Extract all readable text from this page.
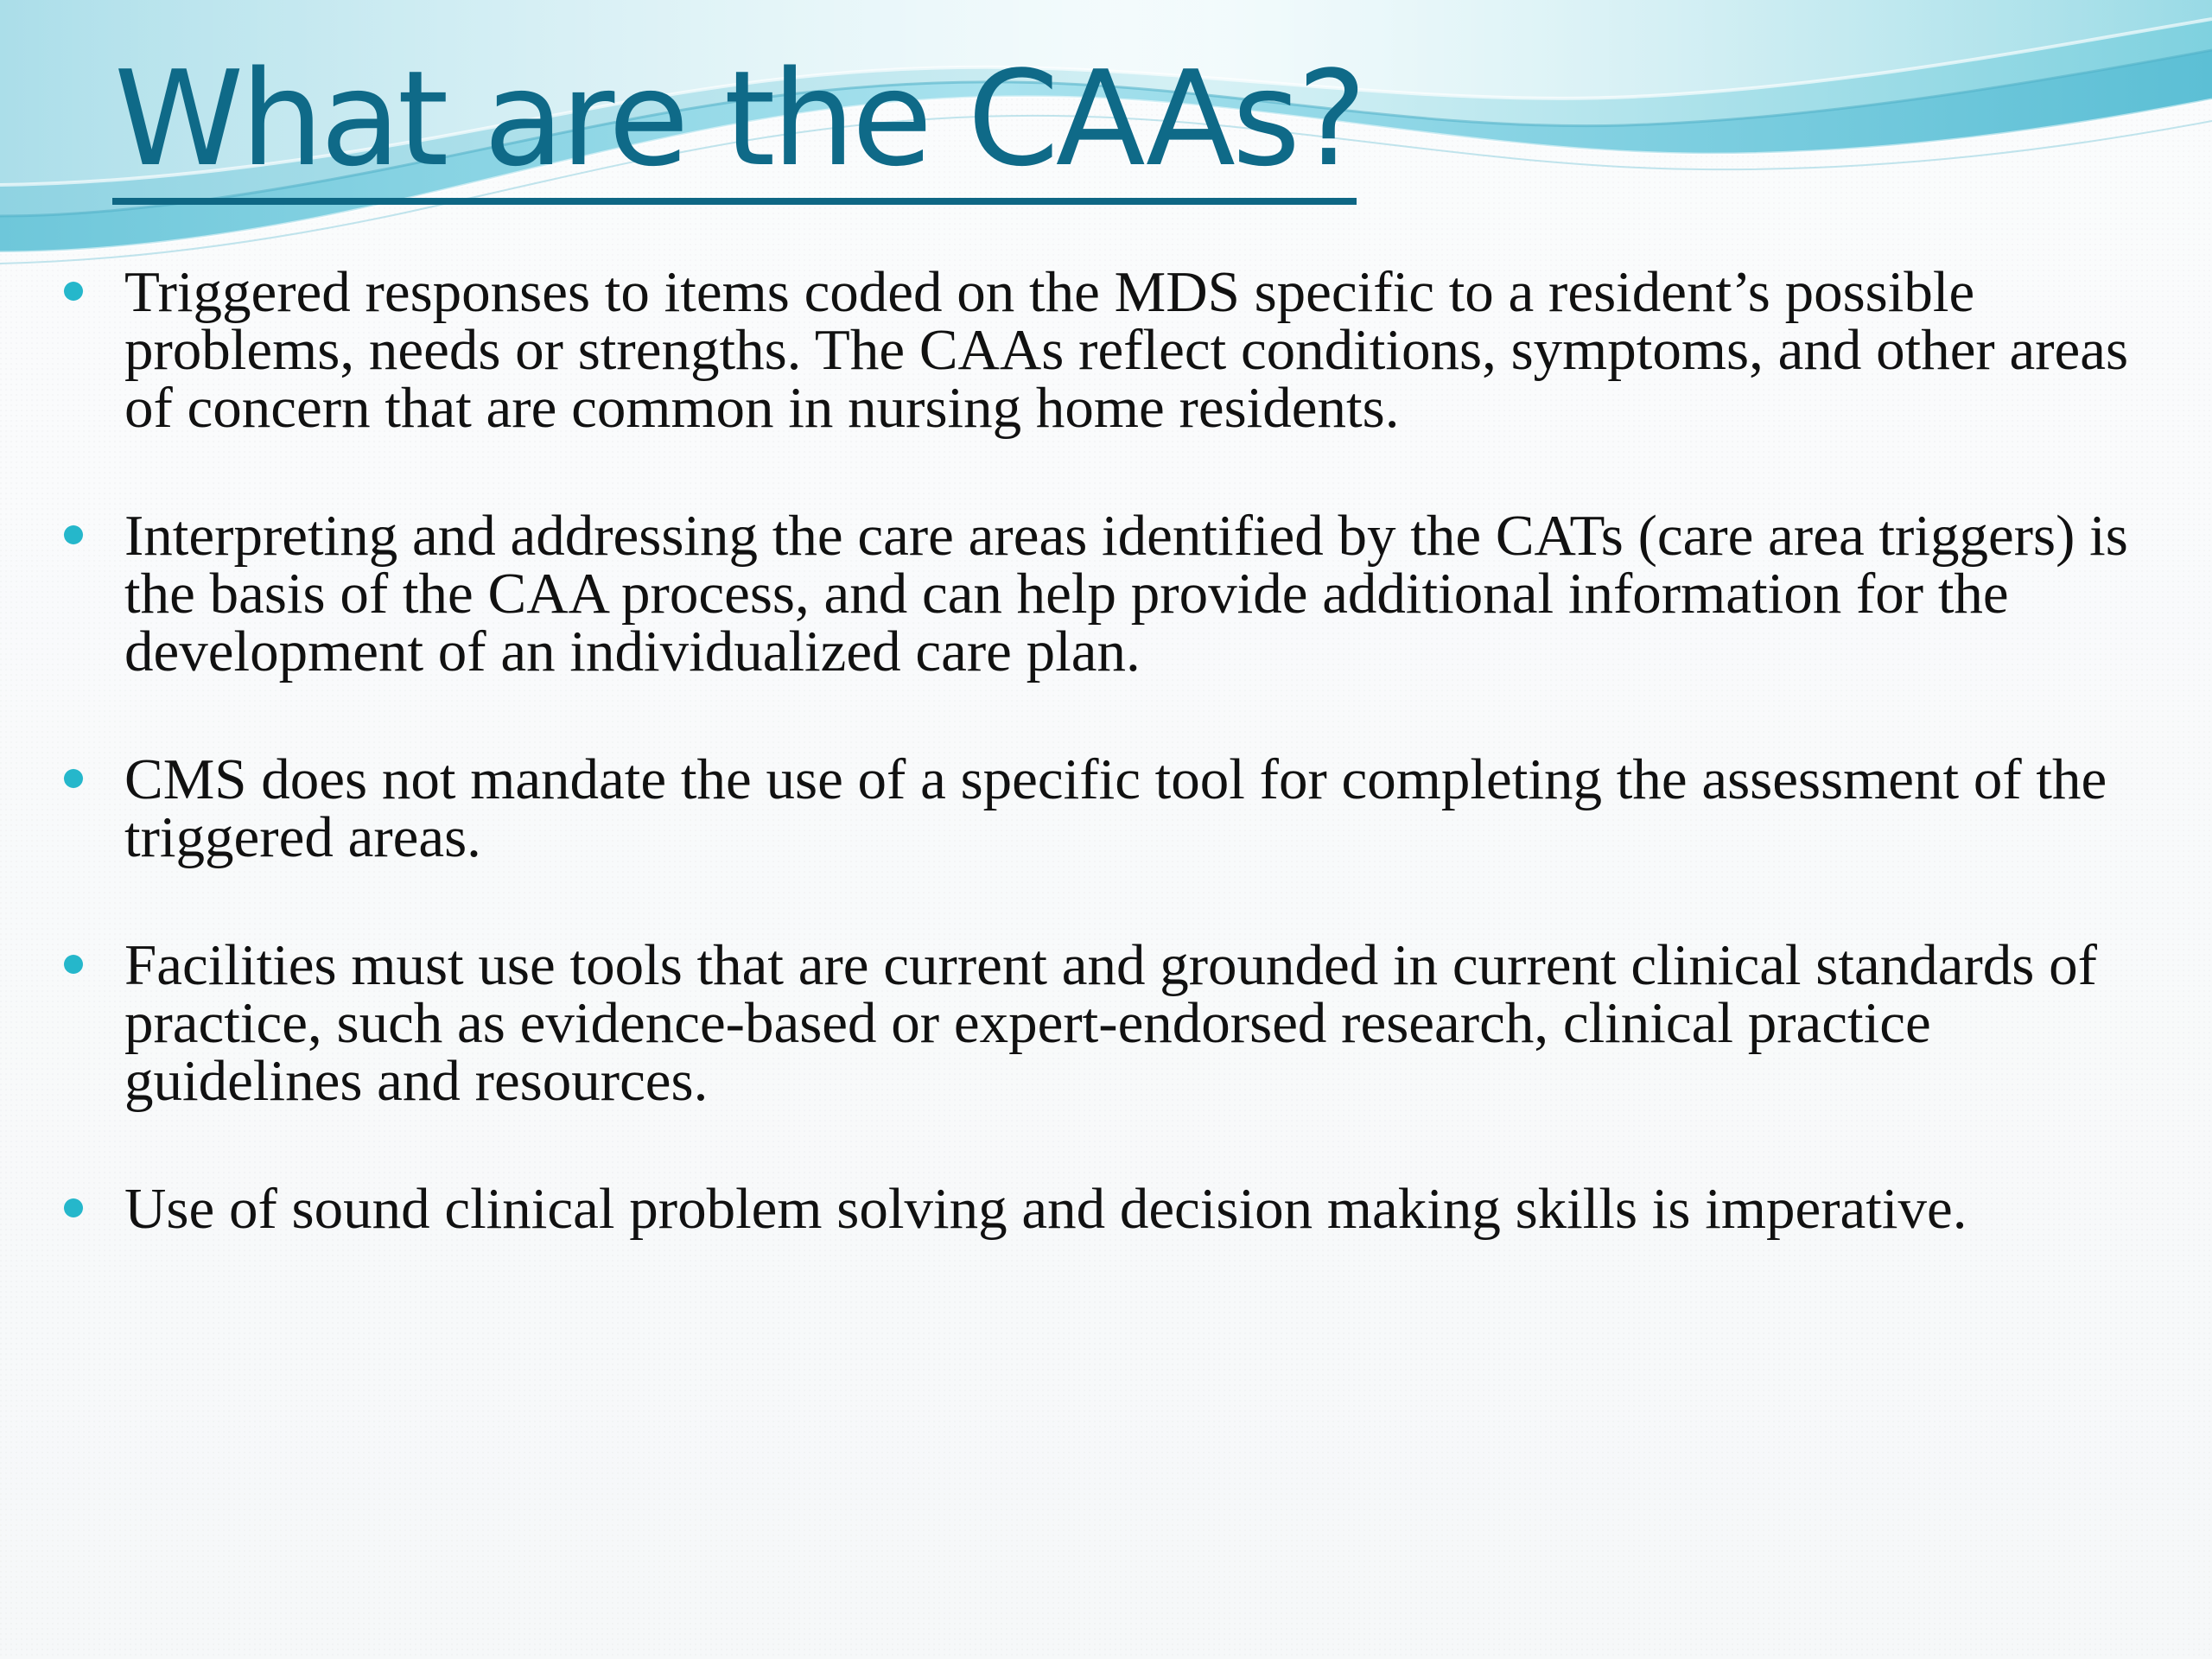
What are the CAAs?
Triggered responses to items coded on the MDS specific to a resident’s possible problems, needs or strengths. The CAAs reflect conditions, symptoms, and other areas of concern that are common in nursing home residents.
Interpreting and addressing the care areas identified by the CATs (care area triggers) is the basis of the CAA process, and can help provide additional information for the development of an individualized care plan.
CMS does not mandate the use of a specific tool for completing the assessment of the triggered areas.
Facilities must use tools that are current and grounded in current clinical standards of practice, such as evidence-based or expert-endorsed research, clinical practice guidelines and resources.
Use of sound clinical problem solving and decision making skills is imperative.
